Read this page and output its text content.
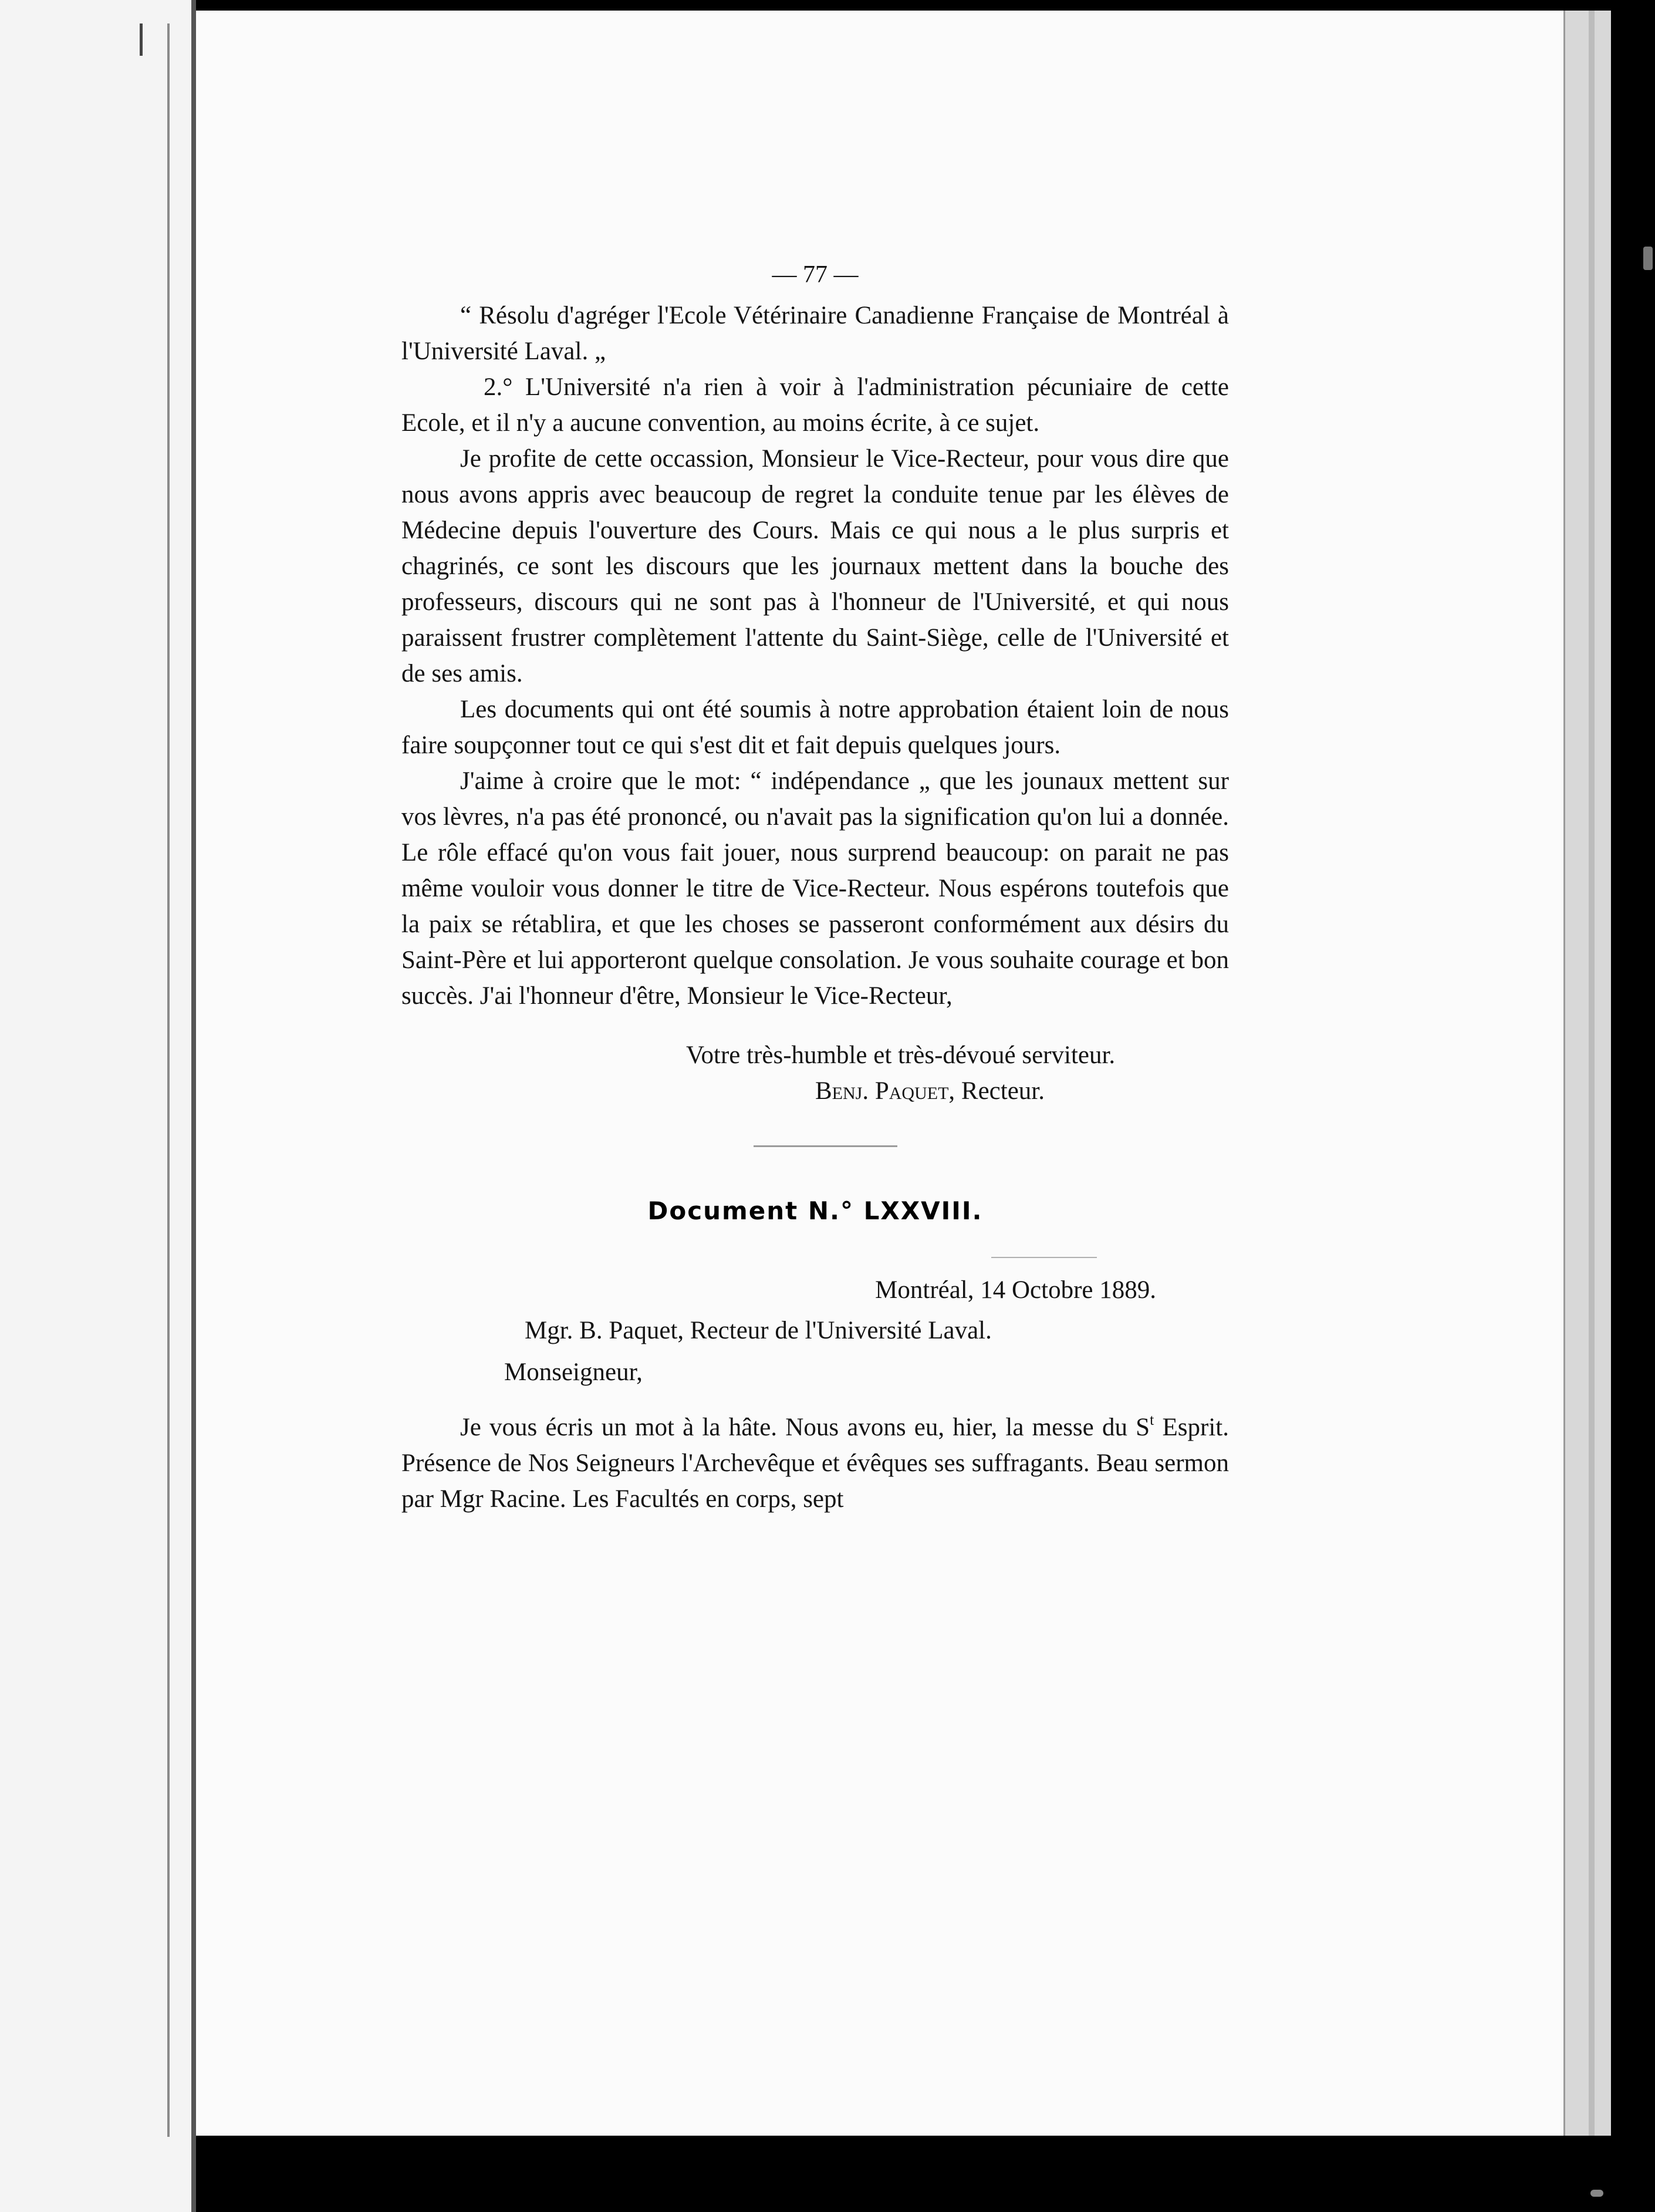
— 77 —

“ Résolu d'agréger l'Ecole Vétérinaire Canadienne Française de Montréal à l'Université Laval. „

2.° L'Université n'a rien à voir à l'administration pécuniaire de cette Ecole, et il n'y a aucune convention, au moins écrite, à ce sujet.

Je profite de cette occassion, Monsieur le Vice-Recteur, pour vous dire que nous avons appris avec beaucoup de regret la conduite tenue par les élèves de Médecine depuis l'ouverture des Cours. Mais ce qui nous a le plus surpris et chagrinés, ce sont les discours que les journaux mettent dans la bouche des professeurs, discours qui ne sont pas à l'honneur de l'Université, et qui nous paraissent frustrer complètement l'attente du Saint-Siège, celle de l'Université et de ses amis.

Les documents qui ont été soumis à notre approbation étaient loin de nous faire soupçonner tout ce qui s'est dit et fait depuis quelques jours.

J'aime à croire que le mot: “ indépendance „ que les jounaux mettent sur vos lèvres, n'a pas été prononcé, ou n'avait pas la signification qu'on lui a donnée. Le rôle effacé qu'on vous fait jouer, nous surprend beaucoup: on parait ne pas même vouloir vous donner le titre de Vice-Recteur. Nous espérons toutefois que la paix se rétablira, et que les choses se passeront conformément aux désirs du Saint-Père et lui apporteront quelque consolation. Je vous souhaite courage et bon succès. J'ai l'honneur d'être, Monsieur le Vice-Recteur,

Votre très-humble et très-dévoué serviteur.
Benj. Paquet, Recteur.
Document N.° LXXVIII.
Montréal, 14 Octobre 1889.
Mgr. B. Paquet, Recteur de l'Université Laval.
Monseigneur,

Je vous écris un mot à la hâte. Nous avons eu, hier, la messe du $S^t$ Esprit. Présence de Nos Seigneurs l'Archevêque et évêques ses suffragants. Beau sermon par Mgr Racine. Les Facultés en corps, sept
